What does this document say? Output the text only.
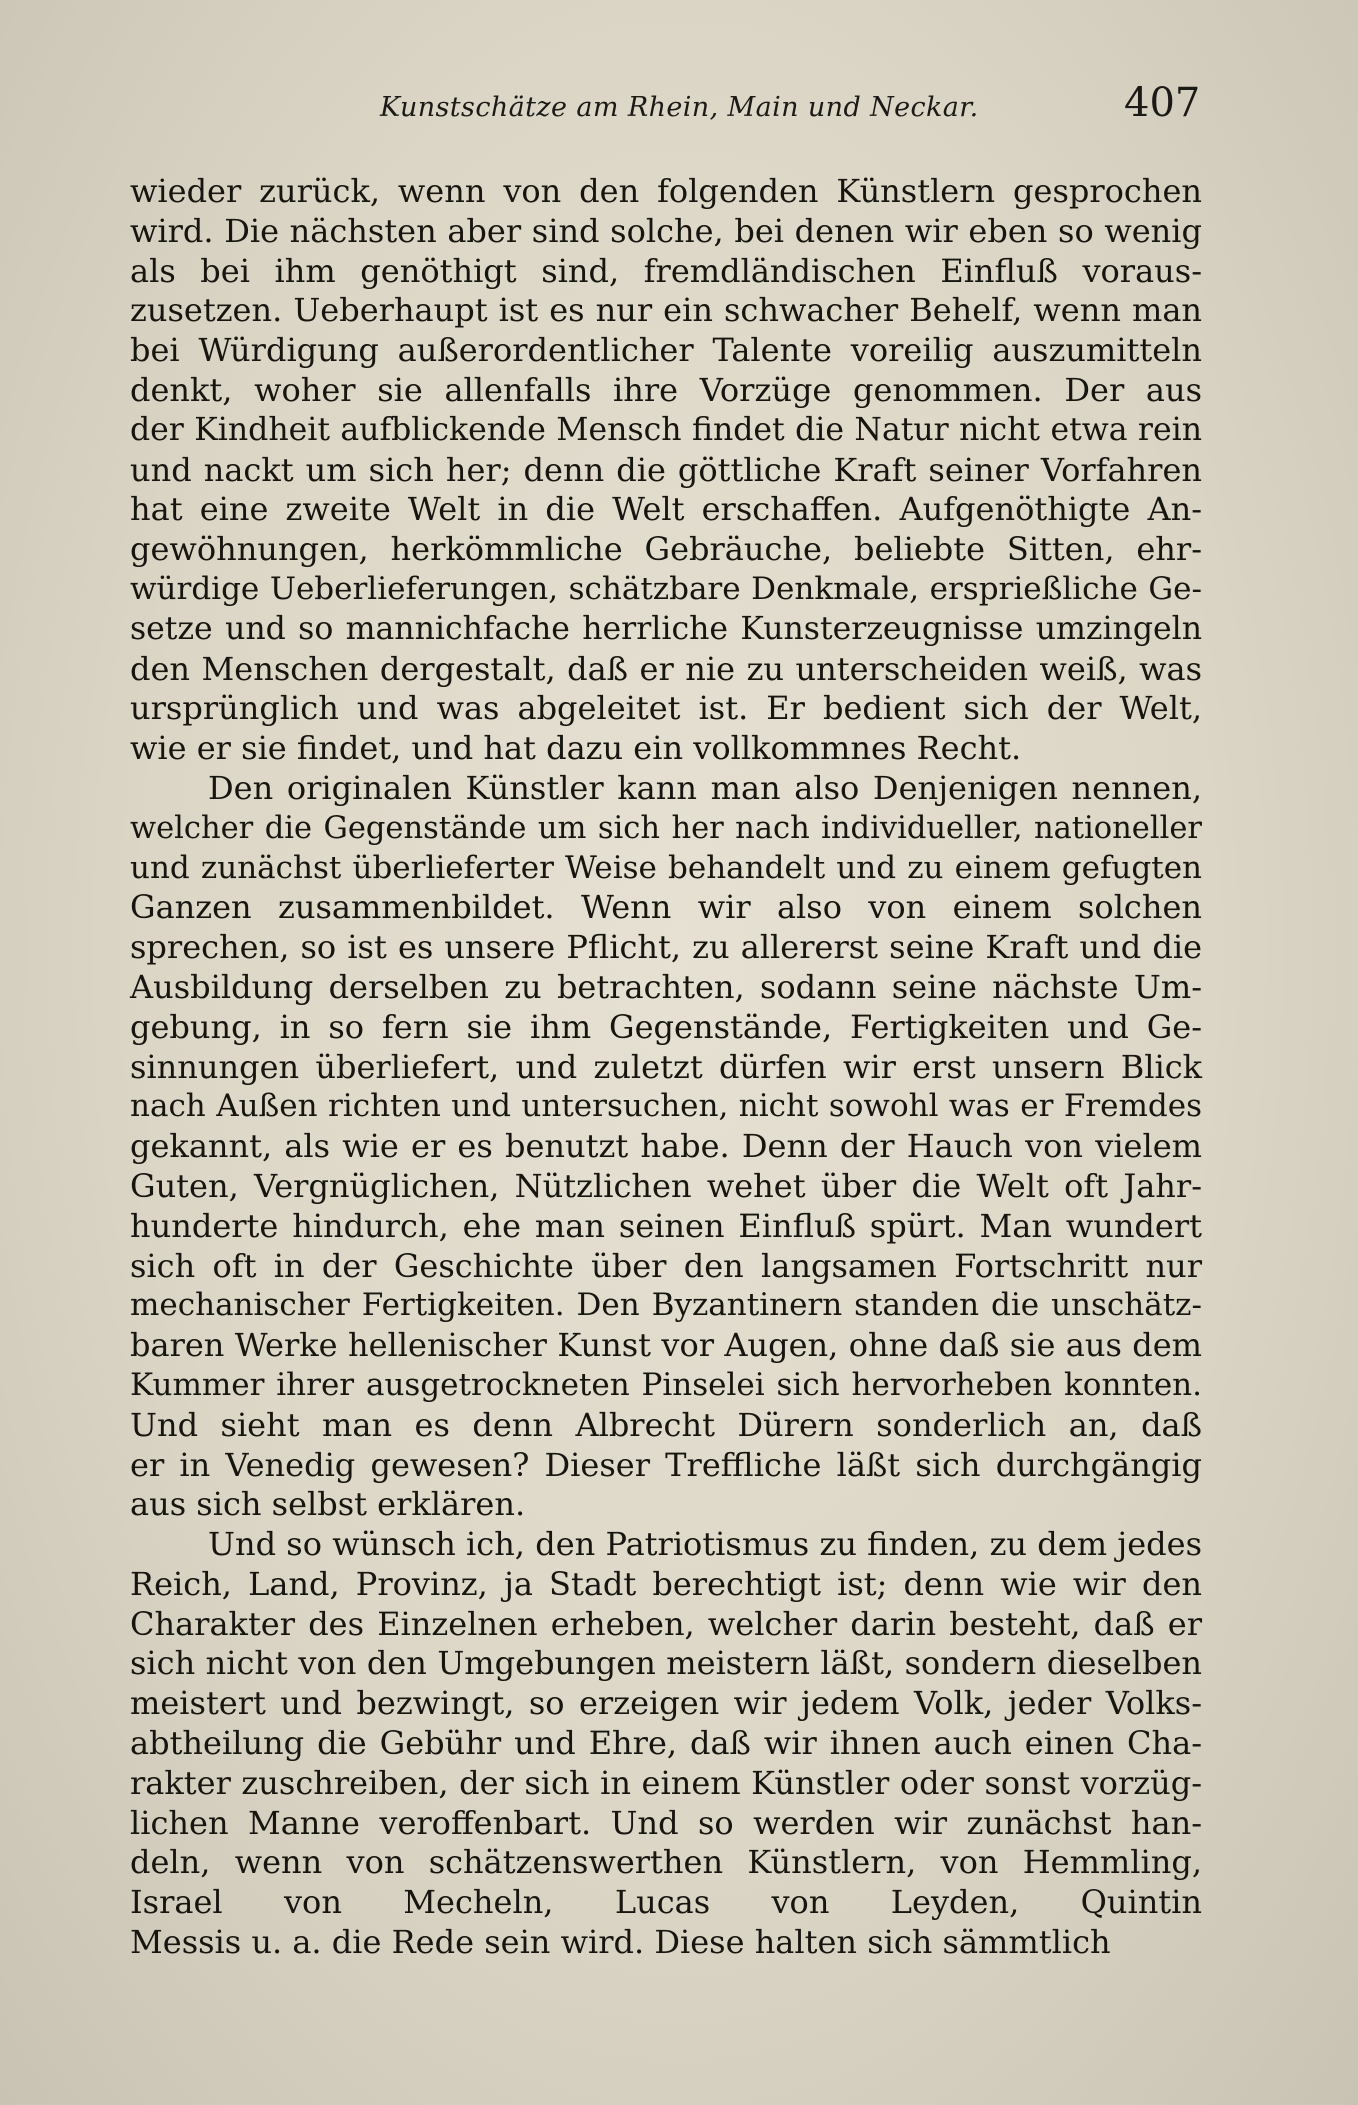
Kunstschätze am Rhein, Main und Neckar.	407
wieder zurück, wenn von den folgenden Künstlern gesprochen
wird. Die nächsten aber sind solche, bei denen wir eben so wenig
als bei ihm genöthigt sind, fremdländischen Einfluß voraus-
zusetzen. Ueberhaupt ist es nur ein schwacher Behelf, wenn man
bei Würdigung außerordentlicher Talente voreilig auszumitteln
denkt, woher sie allenfalls ihre Vorzüge genommen. Der aus
der Kindheit aufblickende Mensch findet die Natur nicht etwa rein
und nackt um sich her; denn die göttliche Kraft seiner Vorfahren
hat eine zweite Welt in die Welt erschaffen. Aufgenöthigte An-
gewöhnungen, herkömmliche Gebräuche, beliebte Sitten, ehr-
würdige Ueberlieferungen, schätzbare Denkmale, ersprießliche Ge-
setze und so mannichfache herrliche Kunsterzeugnisse umzingeln
den Menschen dergestalt, daß er nie zu unterscheiden weiß, was
ursprünglich und was abgeleitet ist. Er bedient sich der Welt,
wie er sie findet, und hat dazu ein vollkommnes Recht.
Den originalen Künstler kann man also Denjenigen nennen,
welcher die Gegenstände um sich her nach individueller, nationeller
und zunächst überlieferter Weise behandelt und zu einem gefugten
Ganzen zusammenbildet. Wenn wir also von einem solchen
sprechen, so ist es unsere Pflicht, zu allererst seine Kraft und die
Ausbildung derselben zu betrachten, sodann seine nächste Um-
gebung, in so fern sie ihm Gegenstände, Fertigkeiten und Ge-
sinnungen überliefert, und zuletzt dürfen wir erst unsern Blick
nach Außen richten und untersuchen, nicht sowohl was er Fremdes
gekannt, als wie er es benutzt habe. Denn der Hauch von vielem
Guten, Vergnüglichen, Nützlichen wehet über die Welt oft Jahr-
hunderte hindurch, ehe man seinen Einfluß spürt. Man wundert
sich oft in der Geschichte über den langsamen Fortschritt nur
mechanischer Fertigkeiten. Den Byzantinern standen die unschätz-
baren Werke hellenischer Kunst vor Augen, ohne daß sie aus dem
Kummer ihrer ausgetrockneten Pinselei sich hervorheben konnten.
Und sieht man es denn Albrecht Dürern sonderlich an, daß
er in Venedig gewesen? Dieser Treffliche läßt sich durchgängig
aus sich selbst erklären.
Und so wünsch ich, den Patriotismus zu finden, zu dem jedes
Reich, Land, Provinz, ja Stadt berechtigt ist; denn wie wir den
Charakter des Einzelnen erheben, welcher darin besteht, daß er
sich nicht von den Umgebungen meistern läßt, sondern dieselben
meistert und bezwingt, so erzeigen wir jedem Volk, jeder Volks-
abtheilung die Gebühr und Ehre, daß wir ihnen auch einen Cha-
rakter zuschreiben, der sich in einem Künstler oder sonst vorzüg-
lichen Manne veroffenbart. Und so werden wir zunächst han-
deln, wenn von schätzenswerthen Künstlern, von Hemmling,
Israel von Mecheln, Lucas von Leyden, Quintin
Messis u. a. die Rede sein wird. Diese halten sich sämmtlich
